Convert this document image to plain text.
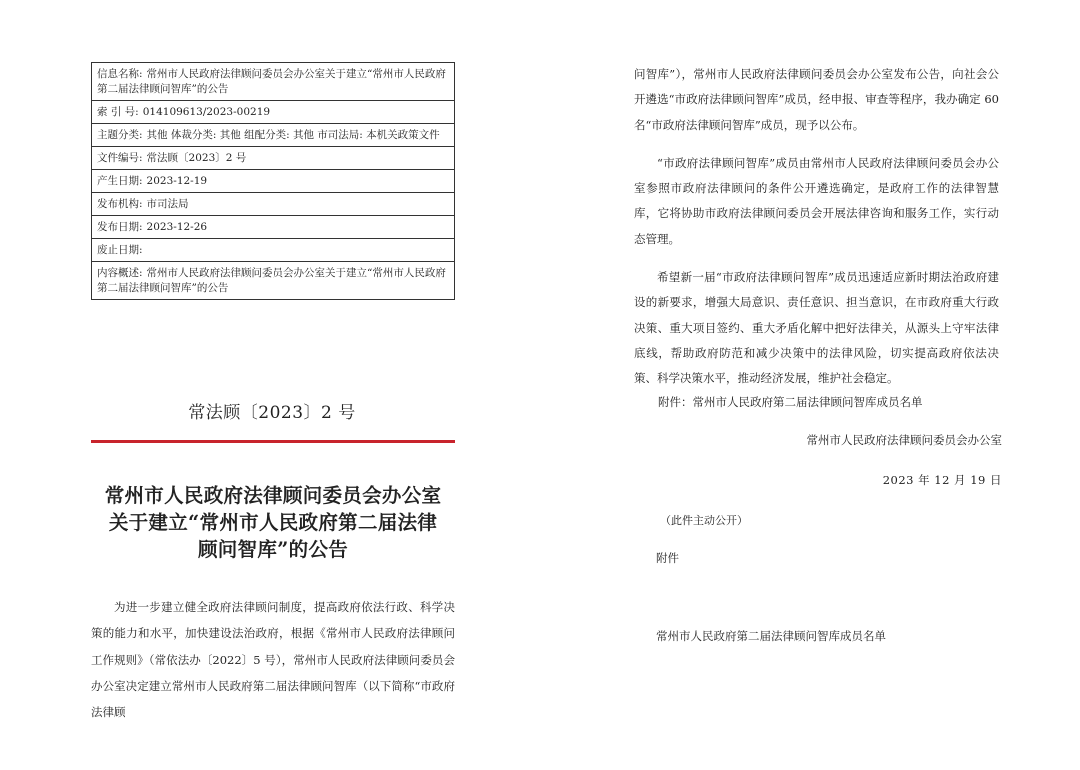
信息名称: 常州市人民政府法律顾问委员会办公室关于建立“常州市人民政府第二届法律顾问智库”的公告
索 引 号: 014109613/2023-00219
主题分类: 其他 体裁分类: 其他 组配分类: 其他 市司法局: 本机关政策文件
文件编号: 常法顾〔2023〕2 号
产生日期: 2023-12-19
发布机构: 市司法局
发布日期: 2023-12-26
废止日期:
内容概述: 常州市人民政府法律顾问委员会办公室关于建立“常州市人民政府第二届法律顾问智库”的公告
常法顾〔2023〕2 号
常州市人民政府法律顾问委员会办公室
关于建立“常州市人民政府第二届法律
顾问智库”的公告
为进一步建立健全政府法律顾问制度，提高政府依法行政、科学决策的能力和水平，加快建设法治政府，根据《常州市人民政府法律顾问工作规则》（常依法办〔2022〕5 号），常州市人民政府法律顾问委员会办公室决定建立常州市人民政府第二届法律顾问智库（以下简称“市政府法律顾

问智库”），常州市人民政府法律顾问委员会办公室发布公告，向社会公开遴选“市政府法律顾问智库”成员，经申报、审查等程序，我办确定 60 名“市政府法律顾问智库”成员，现予以公布。

“市政府法律顾问智库”成员由常州市人民政府法律顾问委员会办公室参照市政府法律顾问的条件公开遴选确定，是政府工作的法律智慧库，它将协助市政府法律顾问委员会开展法律咨询和服务工作，实行动态管理。

希望新一届“市政府法律顾问智库”成员迅速适应新时期法治政府建设的新要求，增强大局意识、责任意识、担当意识，在市政府重大行政决策、重大项目签约、重大矛盾化解中把好法律关，从源头上守牢法律底线，帮助政府防范和减少决策中的法律风险，切实提高政府依法决策、科学决策水平，推动经济发展，维护社会稳定。

附件：常州市人民政府第二届法律顾问智库成员名单
常州市人民政府法律顾问委员会办公室
2023 年 12 月 19 日
（此件主动公开）
附件
常州市人民政府第二届法律顾问智库成员名单
